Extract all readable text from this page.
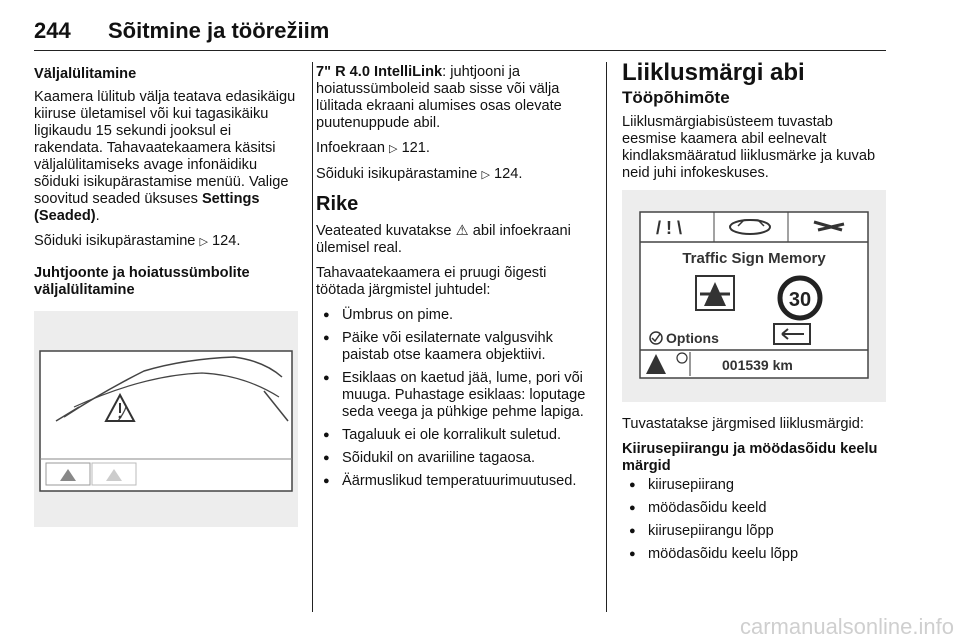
244 Sõitmine ja töörežiim
Väljalülitamine

Kaamera lülitub välja teatava edasikäigu kiiruse ületamisel või kui tagasikäiku ligikaudu 15 sekundi jooksul ei rakendata. Tahavaatekaamera käsitsi väljalülitamiseks avage infonäidiku sõiduki isikupärastamise menüü. Valige soovitud seaded üksuses Settings (Seaded).

Sõiduki isikupärastamine ▷ 124.

Juhtjoonte ja hoiatussümbolite väljalülitamine

7" R 4.0 IntelliLink: juhtjooni ja hoiatussümboleid saab sisse või välja lülitada ekraani alumises osas olevate puutenuppude abil.

Infoekraan ▷ 121.

Sõiduki isikupärastamine ▷ 124.

Rike

Veateated kuvatakse ⚠ abil infoekraani ülemisel real.

Tahavaatekaamera ei pruugi õigesti töötada järgmistel juhtudel:

● Ümbrus on pime.
● Päike või esilaternate valgusvihk paistab otse kaamera objektiivi.
● Esiklaas on kaetud jää, lume, pori või muuga. Puhastage esiklaas: loputage seda veega ja pühkige pehme lapiga.
● Tagaluuk ei ole korralikult suletud.
● Sõidukil on avariiline tagaosa.
● Äärmuslikud temperatuurimuutused.
Liiklusmärgi abi
Tööpõhimõte

Liiklusmärgiabisüsteem tuvastab eesmise kaamera abil eelnevalt kindlaksmääratud liiklusmärke ja kuvab neid juhi infokeskuses.

/ ! \
Traffic Sign Memory
30
Options
001539 km

Tuvastatakse järgmised liiklusmärgid:

Kiirusepiirangu ja möödasõidu keelu märgid
● kiirusepiirang
● möödasõidu keeld
● kiirusepiirangu lõpp
● möödasõidu keelu lõpp
carmanualsonline.info
